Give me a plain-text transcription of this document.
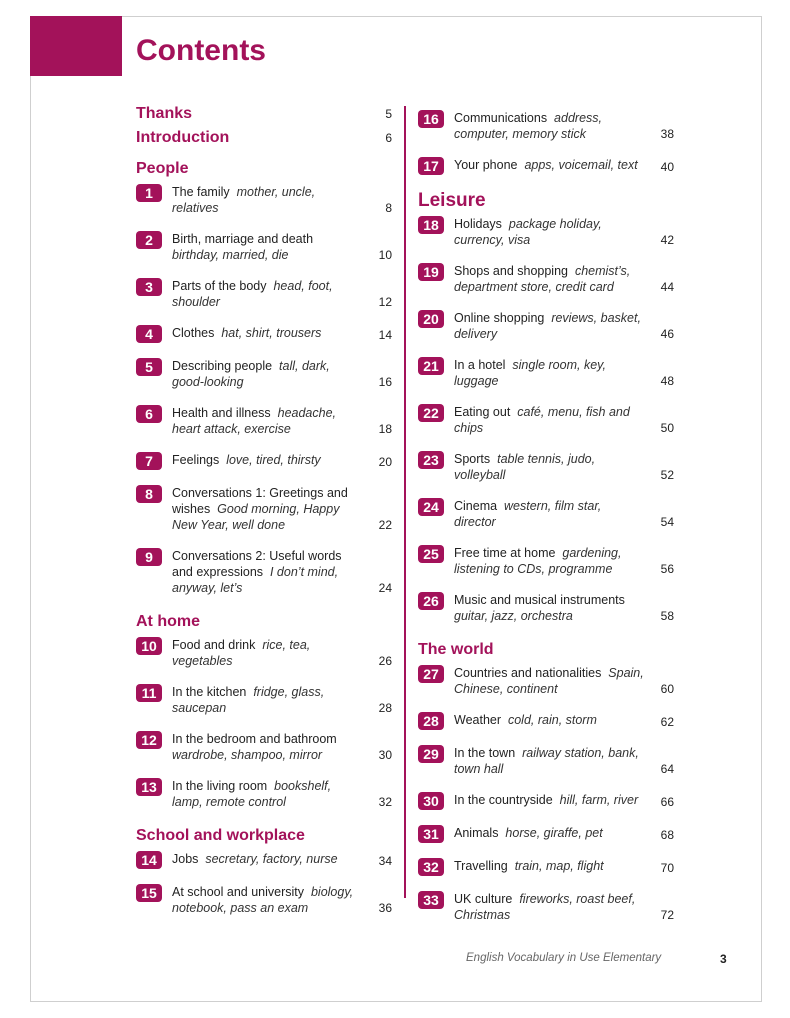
Contents
Thanks	5
Introduction	6
People
1	The family mother, uncle, relatives	8
2	Birth, marriage and death  birthday, married, die	10
3	Parts of the body head, foot, shoulder	12
4	Clothes hat, shirt, trousers	14
5	Describing people tall, dark, good-looking	16
6	Health and illness headache, heart attack, exercise	18
7	Feelings love, tired, thirsty	20
8	Conversations 1: Greetings and wishes Good morning, Happy New Year, well done	22
9	Conversations 2: Useful words and expressions I don’t mind, anyway, let’s	24
At home
10	Food and drink rice, tea, vegetables	26
11	In the kitchen fridge, glass, saucepan	28
12	In the bedroom and bathroom  wardrobe, shampoo, mirror	30
13	In the living room bookshelf, lamp, remote control	32
School and workplace
14	Jobs secretary, factory, nurse	34
15	At school and university biology, notebook, pass an exam	36
16	Communications address, computer, memory stick	38
17	Your phone apps, voicemail, text	40
Leisure
18	Holidays package holiday, currency, visa	42
19	Shops and shopping chemist’s, department store, credit card	44
20	Online shopping reviews, basket, delivery	46
21	In a hotel single room, key, luggage	48
22	Eating out café, menu, fish and chips	50
23	Sports table tennis, judo, volleyball	52
24	Cinema western, film star, director	54
25	Free time at home gardening, listening to CDs, programme	56
26	Music and musical instruments  guitar, jazz, orchestra	58
The world
27	Countries and nationalities Spain, Chinese, continent	60
28	Weather cold, rain, storm	62
29	In the town railway station, bank, town hall	64
30	In the countryside hill, farm, river	66
31	Animals horse, giraffe, pet	68
32	Travelling train, map, flight	70
33	UK culture fireworks, roast beef, Christmas	72
English Vocabulary in Use Elementary	3
